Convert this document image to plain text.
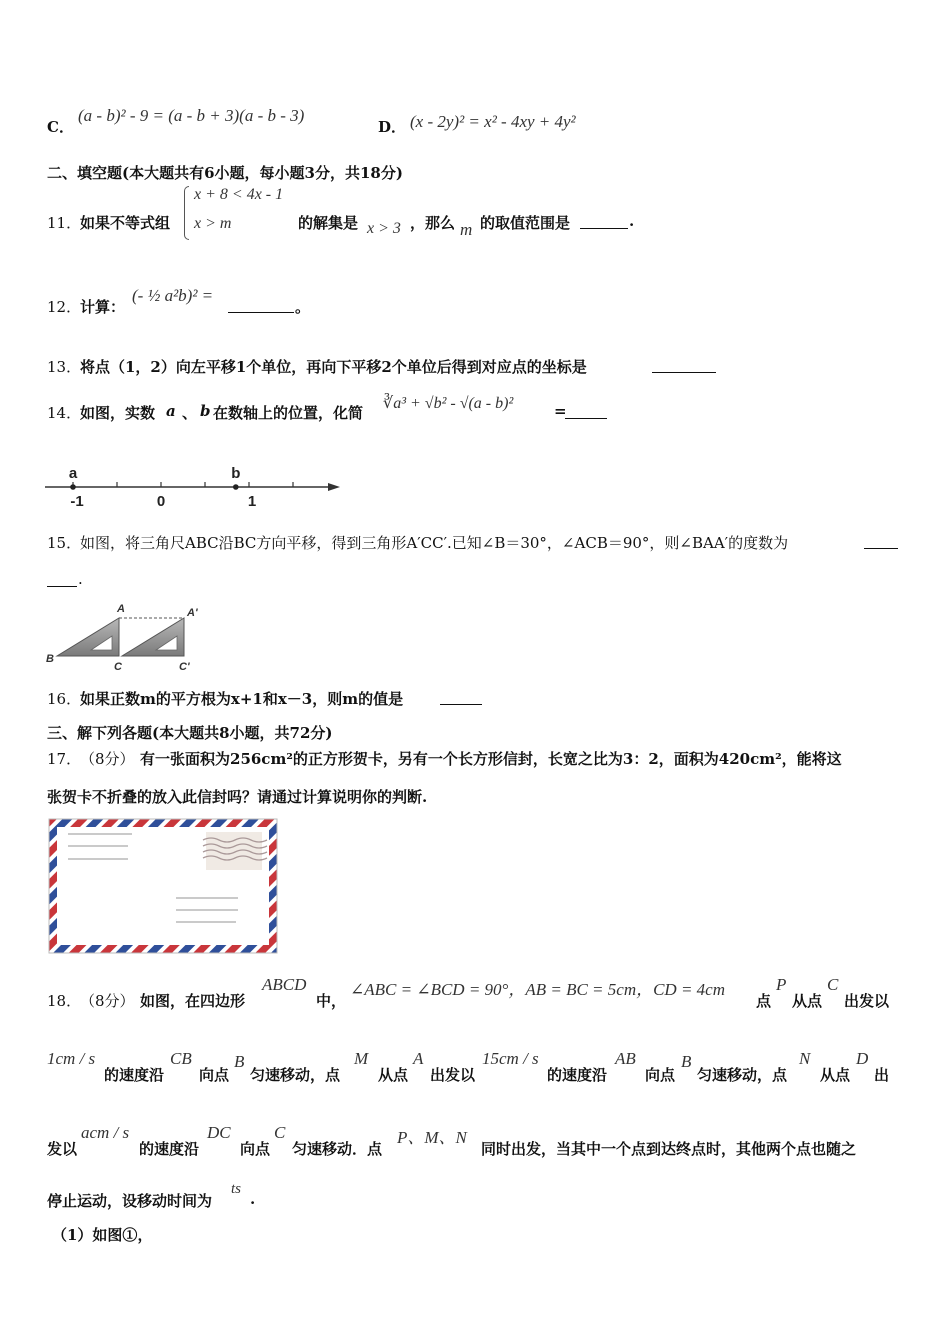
C．
(a - b)² - 9 = (a - b + 3)(a - b - 3)
D． (x - 2y)² = x² - 4xy + 4y²
二、填空题(本大题共有6小题，每小题3分，共18分)
11．
如果不等式组
x + 8 < 4x - 1
x > m	的解集是 x > 3 ，那么 m 的取值范围是	.
12．
计算：
(- ½ a²b)² =
。
13．
将点（1，2）向左平移1个单位，再向下平移2个单位后得到对应点的坐标是
14．
如图，实数 a 、 b 在数轴上的位置，化简
∛a³ + √b² - √(a - b)²	=
a	b
-1	0	1
15．
如图，将三角尺ABC沿BC方向平移，得到三角形A′CC′.已知∠B＝30°，∠ACB＝90°，则∠BAA′的度数为
.
A	A'
B
C	C'
16．
如果正数m的平方根为x+1和x－3，则m的值是
三、解下列各题(本大题共8小题，共72分)
17．
（8分） 有一张面积为256cm²的正方形贺卡，另有一个长方形信封，长宽之比为3：2，面积为420cm²，能将这
张贺卡不折叠的放入此信封吗？请通过计算说明你的判断.
18．
（8分） 如图，在四边形
ABCD
中，
∠ABC = ∠BCD = 90°，AB = BC = 5cm，CD = 4cm
点
P
从点
C
出发以
1cm / s
的速度沿
CB
向点
B
匀速移动，点
M
从点
A
出发以
15cm / s
的速度沿
AB
向点
B
匀速移动，点
N
从点
D
出
发以
acm / s
的速度沿
DC
向点
C
匀速移动．点
P、M、N
同时出发，当其中一个点到达终点时，其他两个点也随之
停止运动，设移动时间为
ts
.
（1）如图①，
